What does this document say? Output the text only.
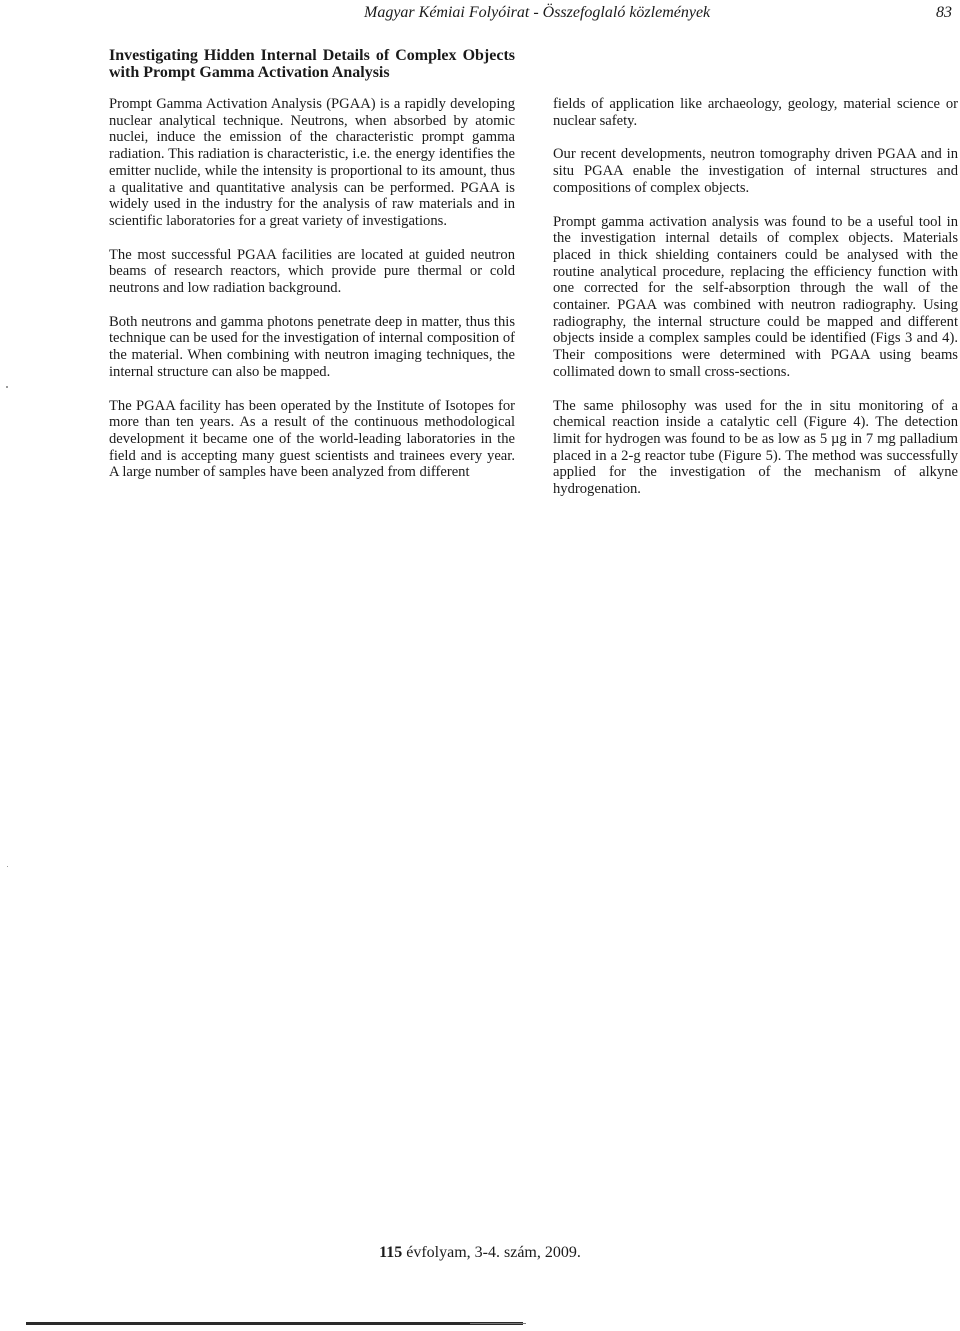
Magyar Kémiai Folyóirat - Összefoglaló közlemények	83
Investigating Hidden Internal Details of Complex Objects with Prompt Gamma Activation Analysis

Prompt Gamma Activation Analysis (PGAA) is a rapidly developing nuclear analytical technique. Neutrons, when absorbed by atomic nuclei, induce the emission of the characteristic prompt gamma radiation. This radiation is characteristic, i.e. the energy identifies the emitter nuclide, while the intensity is proportional to its amount, thus a qualitative and quantitative analysis can be performed. PGAA is widely used in the industry for the analysis of raw materials and in scientific laboratories for a great variety of investigations.

The most successful PGAA facilities are located at guided neutron beams of research reactors, which provide pure thermal or cold neutrons and low radiation background.

Both neutrons and gamma photons penetrate deep in matter, thus this technique can be used for the investigation of internal composition of the material. When combining with neutron imaging techniques, the internal structure can also be mapped.

The PGAA facility has been operated by the Institute of Isotopes for more than ten years. As a result of the continuous methodological development it became one of the world-leading laboratories in the field and is accepting many guest scientists and trainees every year. A large number of samples have been analyzed from different

fields of application like archaeology, geology, material science or nuclear safety.

Our recent developments, neutron tomography driven PGAA and in situ PGAA enable the investigation of internal structures and compositions of complex objects.

Prompt gamma activation analysis was found to be a useful tool in the investigation internal details of complex objects. Materials placed in thick shielding containers could be analysed with the routine analytical procedure, replacing the efficiency function with one corrected for the self-absorption through the wall of the container. PGAA was combined with neutron radiography. Using radiography, the internal structure could be mapped and different objects inside a complex samples could be identified (Figs 3 and 4). Their compositions were determined with PGAA using beams collimated down to small cross-sections.

The same philosophy was used for the in situ monitoring of a chemical reaction inside a catalytic cell (Figure 4). The detection limit for hydrogen was found to be as low as 5 µg in 7 mg palladium placed in a 2-g reactor tube (Figure 5). The method was successfully applied for the investigation of the mechanism of alkyne hydrogenation.

115 évfolyam, 3-4. szám, 2009.
